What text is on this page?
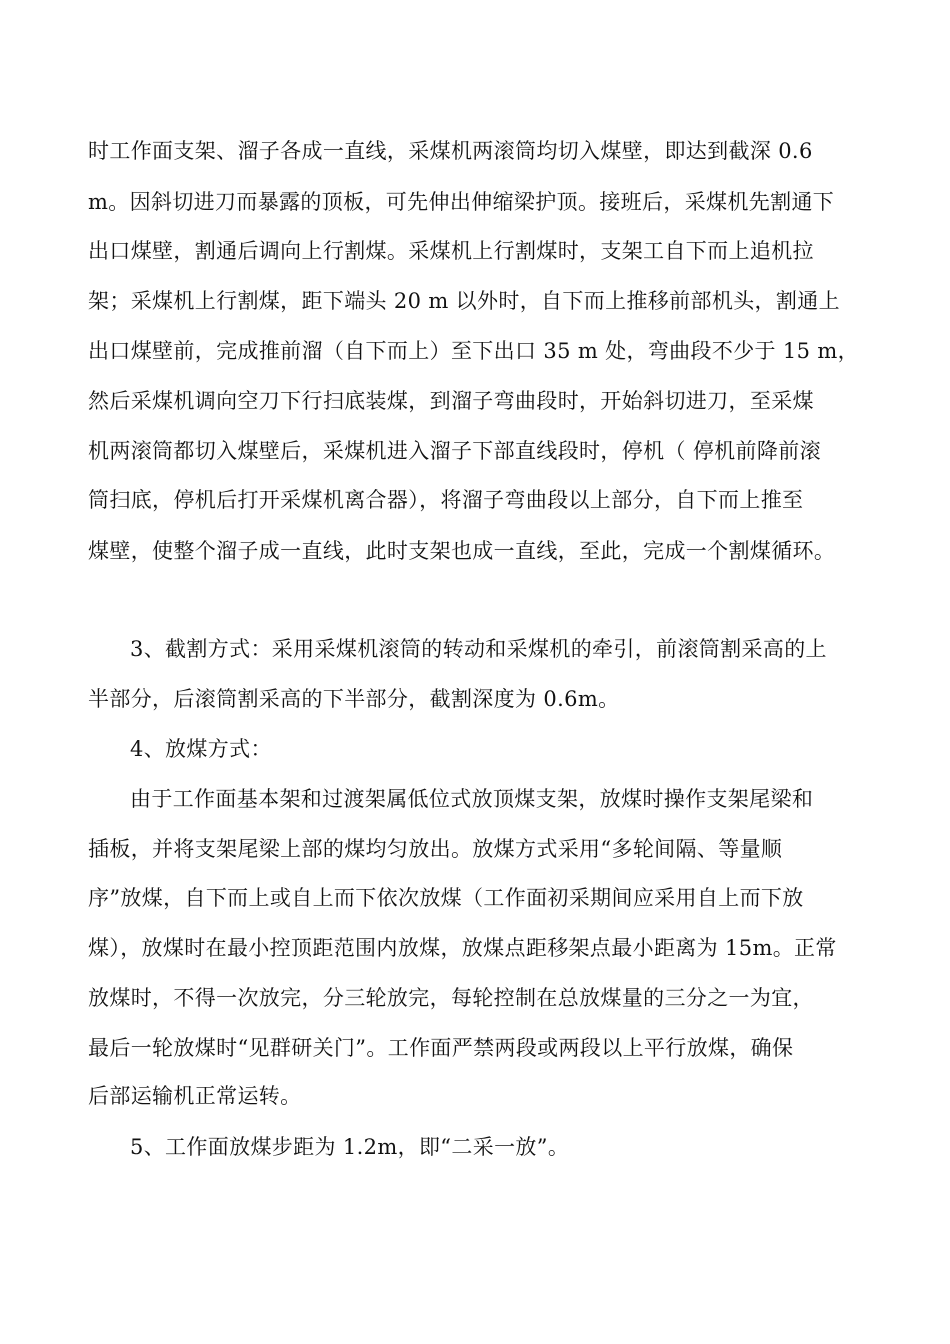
时工作面支架、溜子各成一直线，采煤机两滚筒均切入煤壁，即达到截深 0.6
m。因斜切进刀而暴露的顶板，可先伸出伸缩梁护顶。接班后，采煤机先割通下
出口煤壁，割通后调向上行割煤。采煤机上行割煤时，支架工自下而上追机拉
架；采煤机上行割煤，距下端头 20 m 以外时，自下而上推移前部机头，割通上
出口煤壁前，完成推前溜（自下而上）至下出口 35 m 处，弯曲段不少于 15 m，
然后采煤机调向空刀下行扫底装煤，到溜子弯曲段时，开始斜切进刀，至采煤
机两滚筒都切入煤壁后，采煤机进入溜子下部直线段时，停机（ 停机前降前滚
筒扫底，停机后打开采煤机离合器），将溜子弯曲段以上部分，自下而上推至
煤壁，使整个溜子成一直线，此时支架也成一直线，至此，完成一个割煤循环。
3、截割方式：采用采煤机滚筒的转动和采煤机的牵引，前滚筒割采高的上
半部分，后滚筒割采高的下半部分，截割深度为 0.6m。
4、放煤方式：
由于工作面基本架和过渡架属低位式放顶煤支架，放煤时操作支架尾梁和
插板，并将支架尾梁上部的煤均匀放出。放煤方式采用“多轮间隔、等量顺
序”放煤，自下而上或自上而下依次放煤（工作面初采期间应采用自上而下放
煤），放煤时在最小控顶距范围内放煤，放煤点距移架点最小距离为 15m。正常
放煤时，不得一次放完，分三轮放完，每轮控制在总放煤量的三分之一为宜，
最后一轮放煤时“见群研关门”。工作面严禁两段或两段以上平行放煤，确保
后部运输机正常运转。
5、工作面放煤步距为 1.2m，即“二采一放”。
